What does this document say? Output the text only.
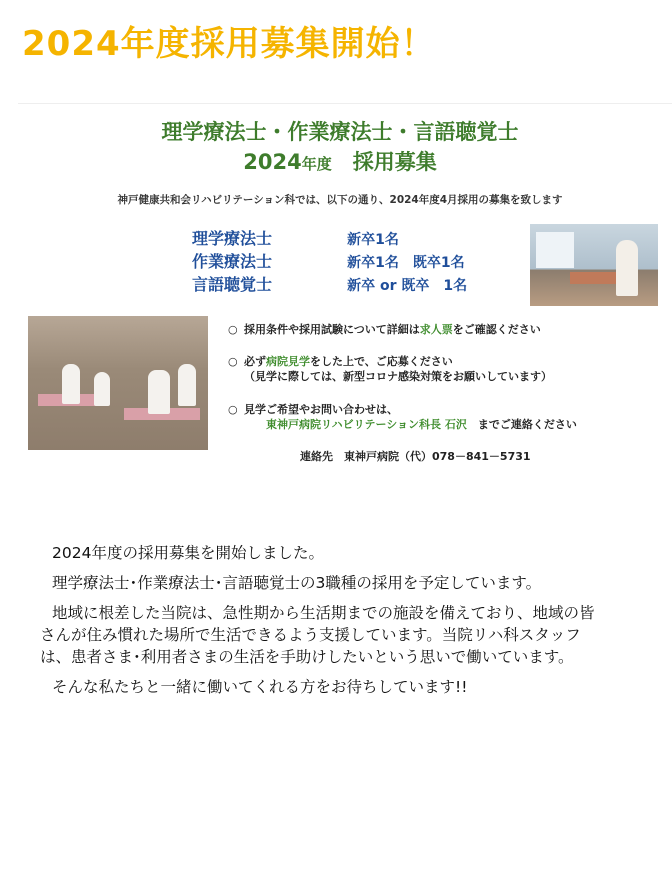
2024年度採用募集開始！
理学療法士・作業療法士・言語聴覚士
2024年度　 採用募集
神戸健康共和会リハビリテーション科では、以下の通り、2024年度4月採用の募集を致します
理学療法士	新卒1名
作業療法士	新卒1名　既卒1名
言語聴覚士	新卒 or 既卒　1名
○ 採用条件や採用試験について詳細は求人票をご確認ください
○ 必ず病院見学をした上で、ご応募ください
（見学に際しては、新型コロナ感染対策をお願いしています）
○ 見学ご希望やお問い合わせは、
東神戸病院リハビリテーション科長 石沢　までご連絡ください
連絡先　東神戸病院（代）078－841－5731

2024年度の採用募集を開始しました。

理学療法士･作業療法士･言語聴覚士の3職種の採用を予定しています。

地域に根差した当院は、急性期から生活期までの施設を備えており、地域の皆さんが住み慣れた場所で生活できるよう支援しています。当院リハ科スタッフは、患者さま･利用者さまの生活を手助けしたいという思いで働いています。

そんな私たちと一緒に働いてくれる方をお待ちしています!!
